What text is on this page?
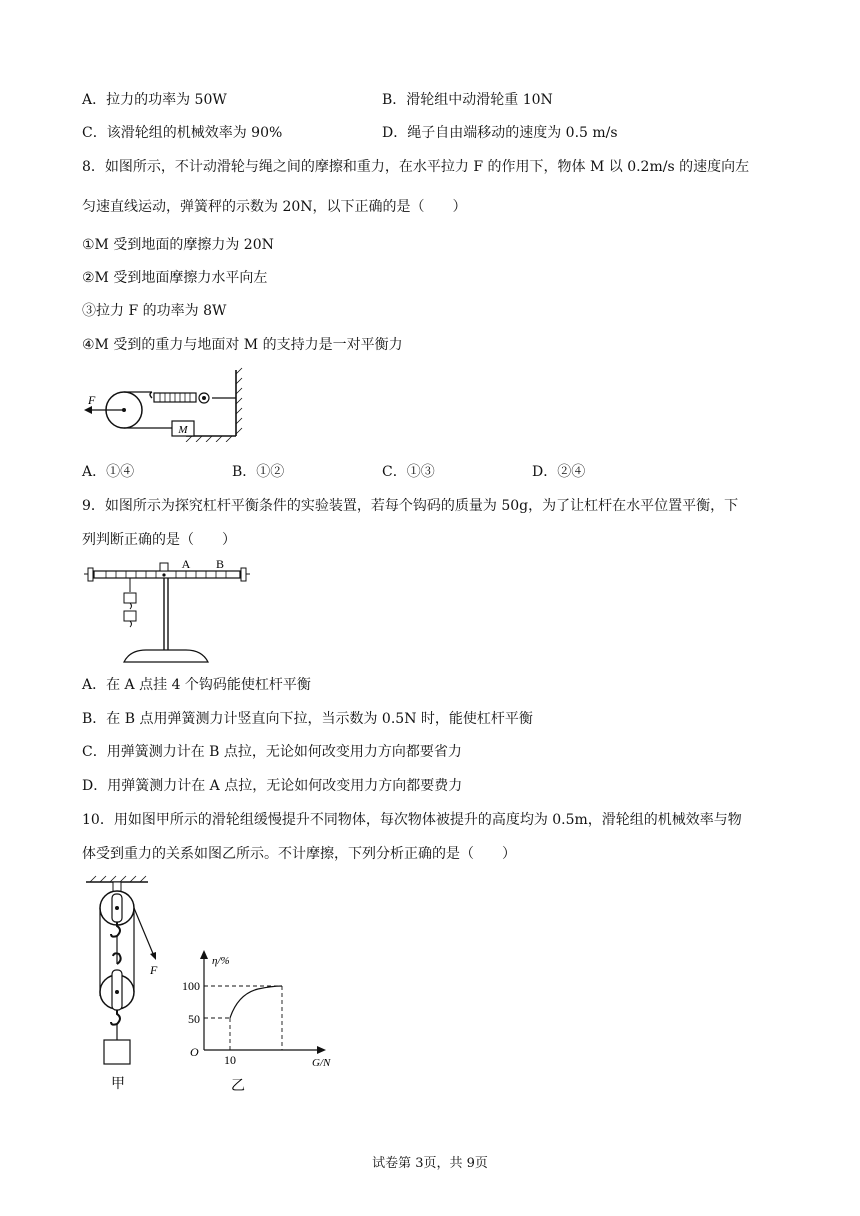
A．拉力的功率为 50W	B．滑轮组中动滑轮重 10N
C．该滑轮组的机械效率为 90%	D．绳子自由端移动的速度为 0.5 m/s
8．如图所示，不计动滑轮与绳之间的摩擦和重力，在水平拉力 F 的作用下，物体 M 以 0.2m/s 的速度向左
匀速直线运动，弹簧秤的示数为 20N，以下正确的是（　　）
①M 受到地面的摩擦力为 20N
②M 受到地面摩擦力水平向左
③拉力 F 的功率为 8W
④M 受到的重力与地面对 M 的支持力是一对平衡力
M
F
A．①④	B．①②	C．①③	D．②④
9．如图所示为探究杠杆平衡条件的实验装置，若每个钩码的质量为 50g，为了让杠杆在水平位置平衡，下
列判断正确的是（　　）
A B
A．在 A 点挂 4 个钩码能使杠杆平衡
B．在 B 点用弹簧测力计竖直向下拉，当示数为 0.5N 时，能使杠杆平衡
C．用弹簧测力计在 B 点拉，无论如何改变用力方向都要省力
D．用弹簧测力计在 A 点拉，无论如何改变用力方向都要费力
10．用如图甲所示的滑轮组缓慢提升不同物体，每次物体被提升的高度均为 0.5m，滑轮组的机械效率与物
体受到重力的关系如图乙所示。不计摩擦，下列分析正确的是（　　）
F
甲
η/%
G/N
O
100
50
10
乙
试卷第 3页，共 9页
